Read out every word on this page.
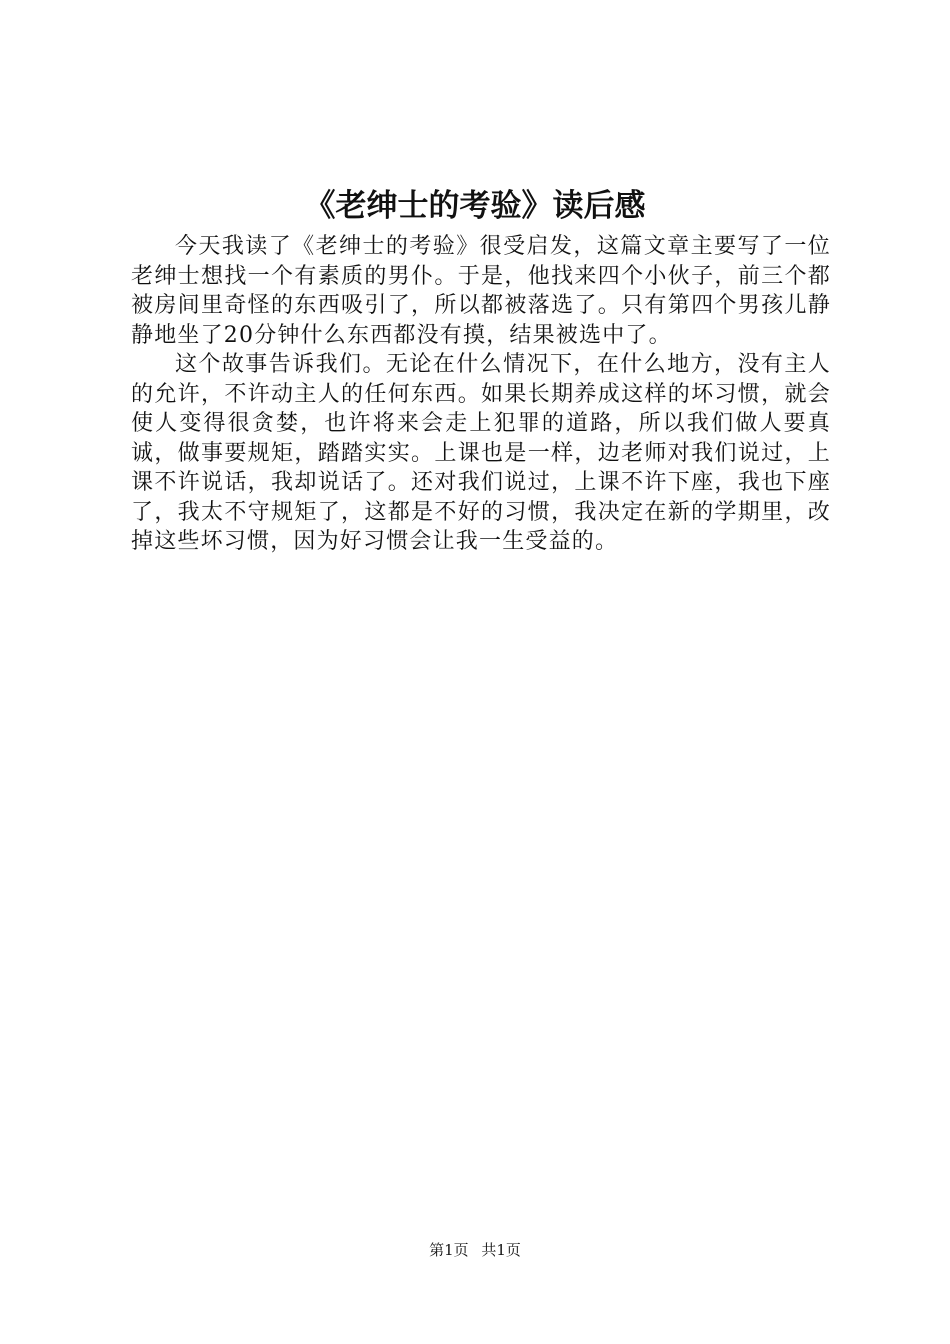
《老绅士的考验》读后感

今天我读了《老绅士的考验》很受启发，这篇文章主要写了一位老绅士想找一个有素质的男仆。于是，他找来四个小伙子，前三个都被房间里奇怪的东西吸引了，所以都被落选了。只有第四个男孩儿静静地坐了20分钟什么东西都没有摸，结果被选中了。

这个故事告诉我们。无论在什么情况下，在什么地方，没有主人的允许，不许动主人的任何东西。如果长期养成这样的坏习惯，就会使人变得很贪婪，也许将来会走上犯罪的道路，所以我们做人要真诚，做事要规矩，踏踏实实。上课也是一样，边老师对我们说过，上课不许说话，我却说话了。还对我们说过，上课不许下座，我也下座了，我太不守规矩了，这都是不好的习惯，我决定在新的学期里，改掉这些坏习惯，因为好习惯会让我一生受益的。

第1页 共1页
